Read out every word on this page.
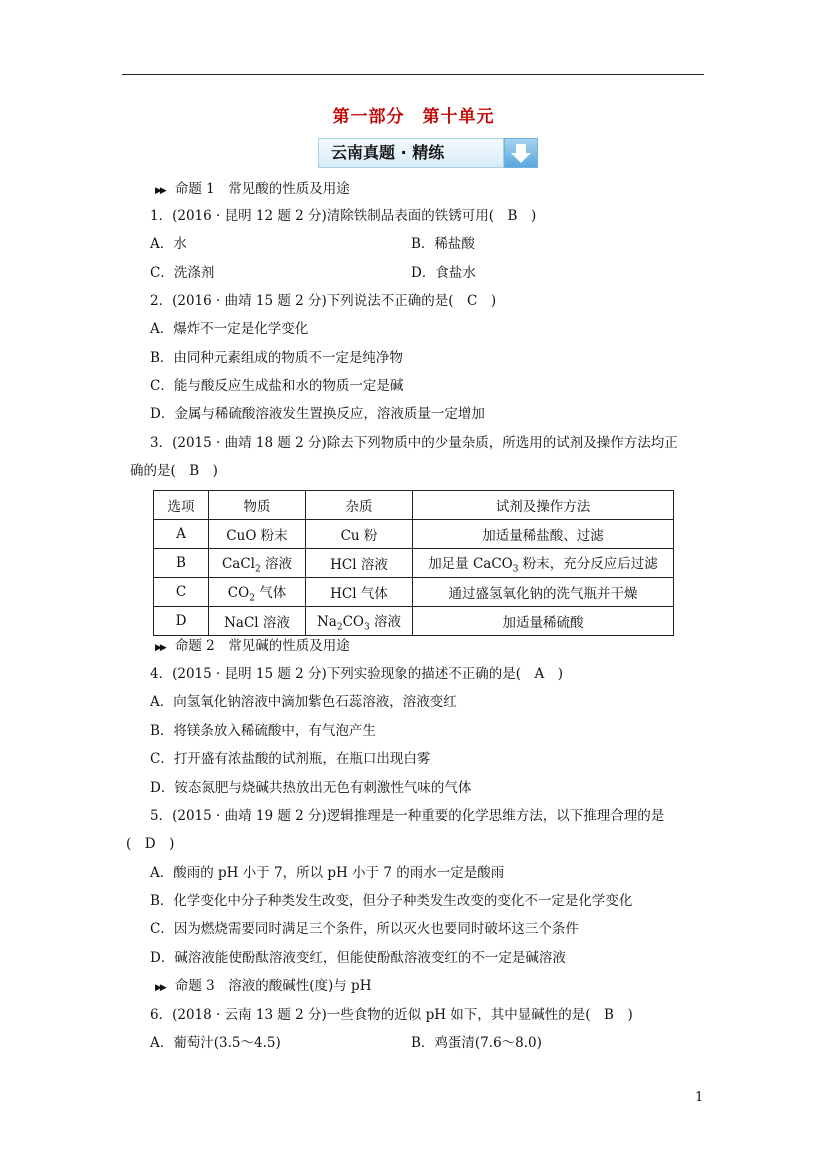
第一部分　第十单元
云南真题 · 精练
▶▶ 命题 1　常见酸的性质及用途
1．(2016 · 昆明 12 题 2 分)清除铁制品表面的铁锈可用(　B　)
A．水	B．稀盐酸
C．洗涤剂	D．食盐水
2．(2016 · 曲靖 15 题 2 分)下列说法不正确的是(　C　)
A．爆炸不一定是化学变化
B．由同种元素组成的物质不一定是纯净物
C．能与酸反应生成盐和水的物质一定是碱
D．金属与稀硫酸溶液发生置换反应，溶液质量一定增加
3．(2015 · 曲靖 18 题 2 分)除去下列物质中的少量杂质，所选用的试剂及操作方法均正
确的是(　B　)
选项	物质	杂质	试剂及操作方法
A	CuO 粉末	Cu 粉	加适量稀盐酸、过滤
B	CaCl$_2$ 溶液	HCl 溶液	加足量 CaCO$_3$ 粉末，充分反应后过滤
C	$CO_2$ 气体	HCl 气体	通过盛氢氧化钠的洗气瓶并干燥
D	NaCl 溶液	$Na_2CO_3$ 溶液	加适量稀硫酸
▶▶ 命题 2　常见碱的性质及用途
4．(2015 · 昆明 15 题 2 分)下列实验现象的描述不正确的是(　A　)
A．向氢氧化钠溶液中滴加紫色石蕊溶液，溶液变红
B．将镁条放入稀硫酸中，有气泡产生
C．打开盛有浓盐酸的试剂瓶，在瓶口出现白雾
D．铵态氮肥与烧碱共热放出无色有刺激性气味的气体
5．(2015 · 曲靖 19 题 2 分)逻辑推理是一种重要的化学思维方法，以下推理合理的是
(　D　)
A．酸雨的 pH 小于 7，所以 pH 小于 7 的雨水一定是酸雨
B．化学变化中分子种类发生改变，但分子种类发生改变的变化不一定是化学变化
C．因为燃烧需要同时满足三个条件，所以灭火也要同时破坏这三个条件
D．碱溶液能使酚酞溶液变红，但能使酚酞溶液变红的不一定是碱溶液
▶▶ 命题 3　溶液的酸碱性(度)与 pH
6．(2018 · 云南 13 题 2 分)一些食物的近似 pH 如下，其中显碱性的是(　B　)
A．葡萄汁(3.5～4.5)	B．鸡蛋清(7.6～8.0)
1
